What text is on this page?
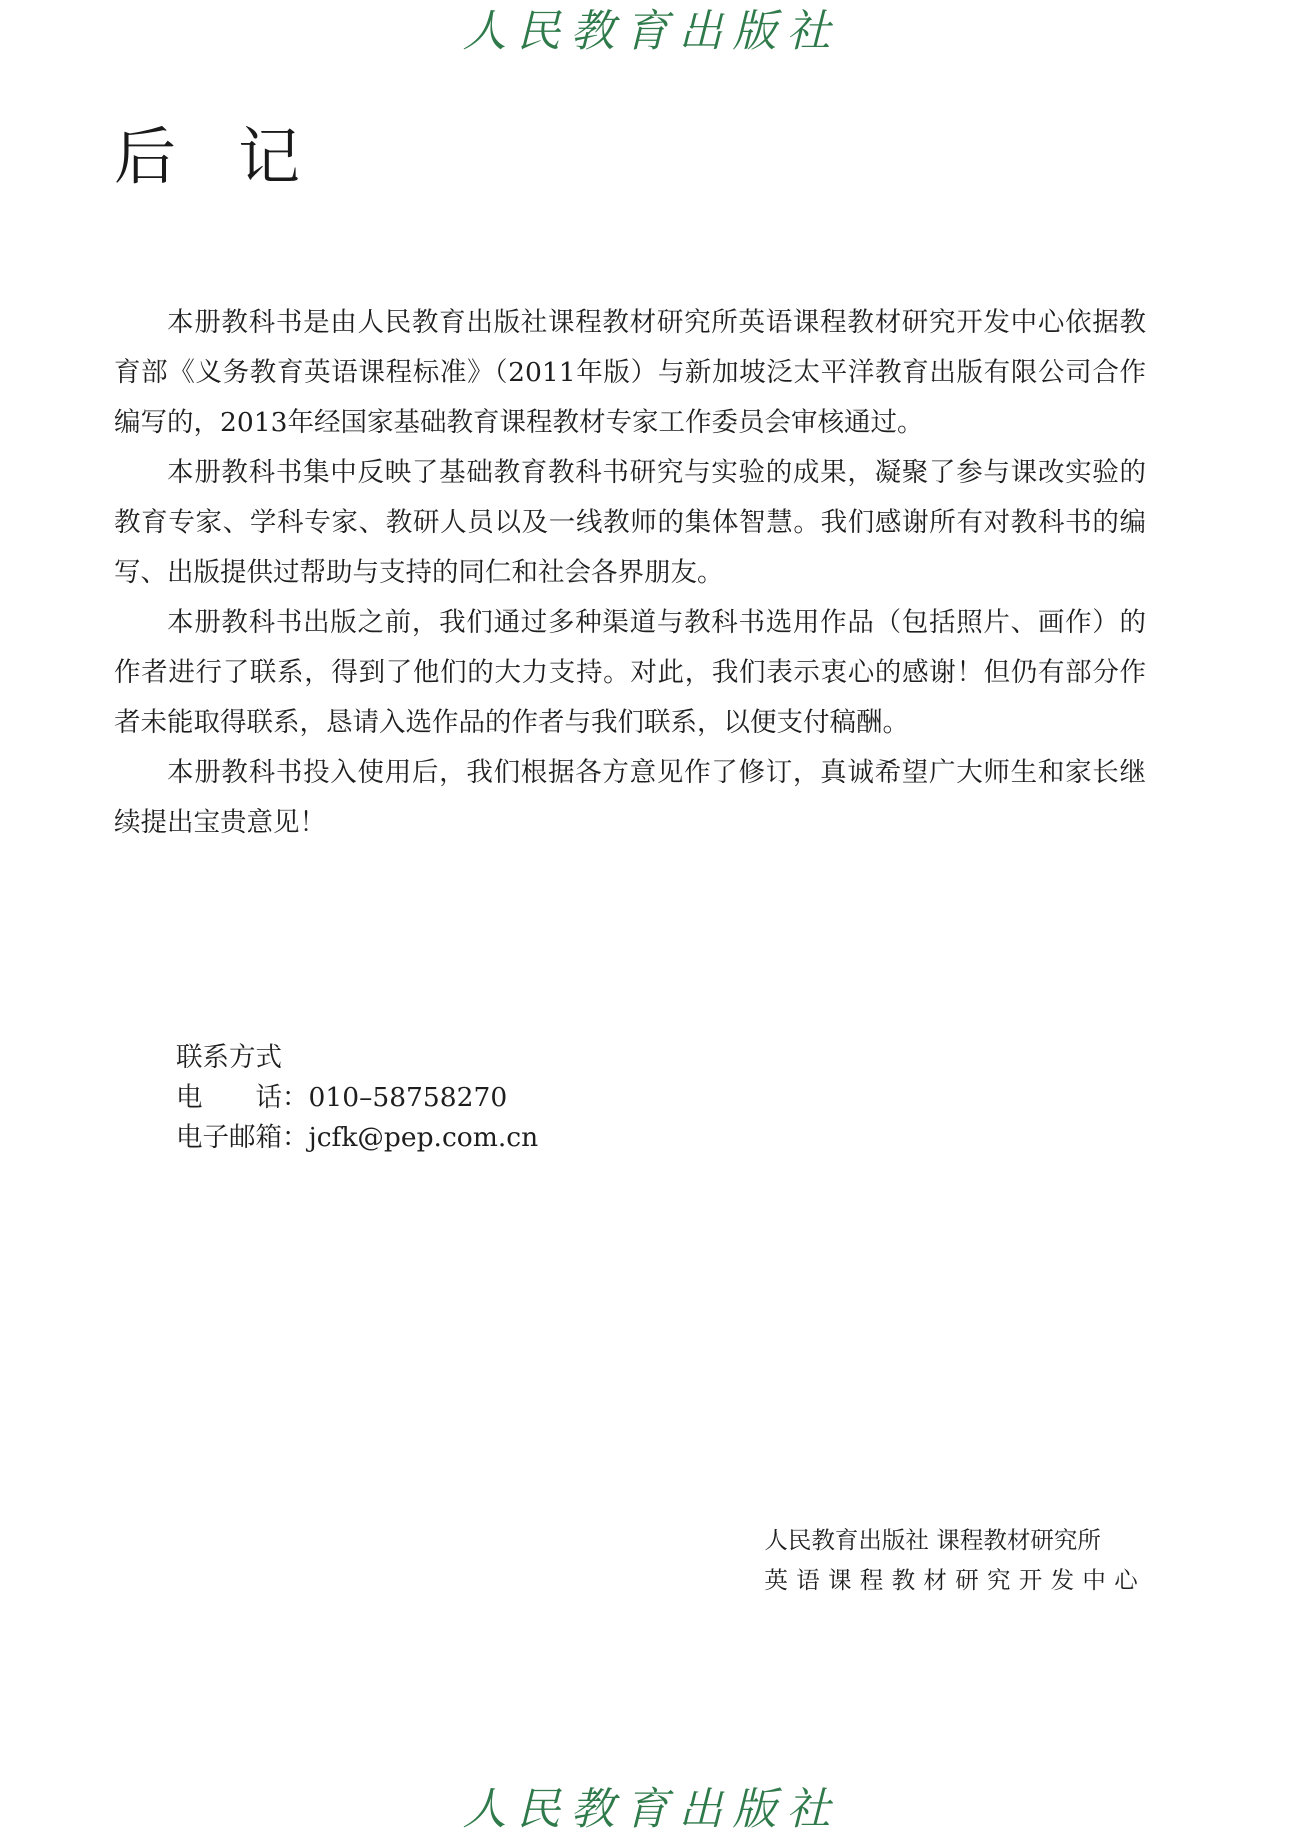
人民教育出版社
后　记

本册教科书是由人民教育出版社课程教材研究所英语课程教材研究开发中心依据教育部《义务教育英语课程标准》（2011年版）与新加坡泛太平洋教育出版有限公司合作编写的，2013年经国家基础教育课程教材专家工作委员会审核通过。

本册教科书集中反映了基础教育教科书研究与实验的成果，凝聚了参与课改实验的教育专家、学科专家、教研人员以及一线教师的集体智慧。我们感谢所有对教科书的编写、出版提供过帮助与支持的同仁和社会各界朋友。

本册教科书出版之前，我们通过多种渠道与教科书选用作品（包括照片、画作）的作者进行了联系，得到了他们的大力支持。对此，我们表示衷心的感谢！但仍有部分作者未能取得联系，恳请入选作品的作者与我们联系，以便支付稿酬。

本册教科书投入使用后，我们根据各方意见作了修订，真诚希望广大师生和家长继续提出宝贵意见！

联系方式
电　　话：010–58758270
电子邮箱：jcfk@pep.com.cn
人民教育出版社 课程教材研究所
英语课程教材研究开发中心
人民教育出版社
